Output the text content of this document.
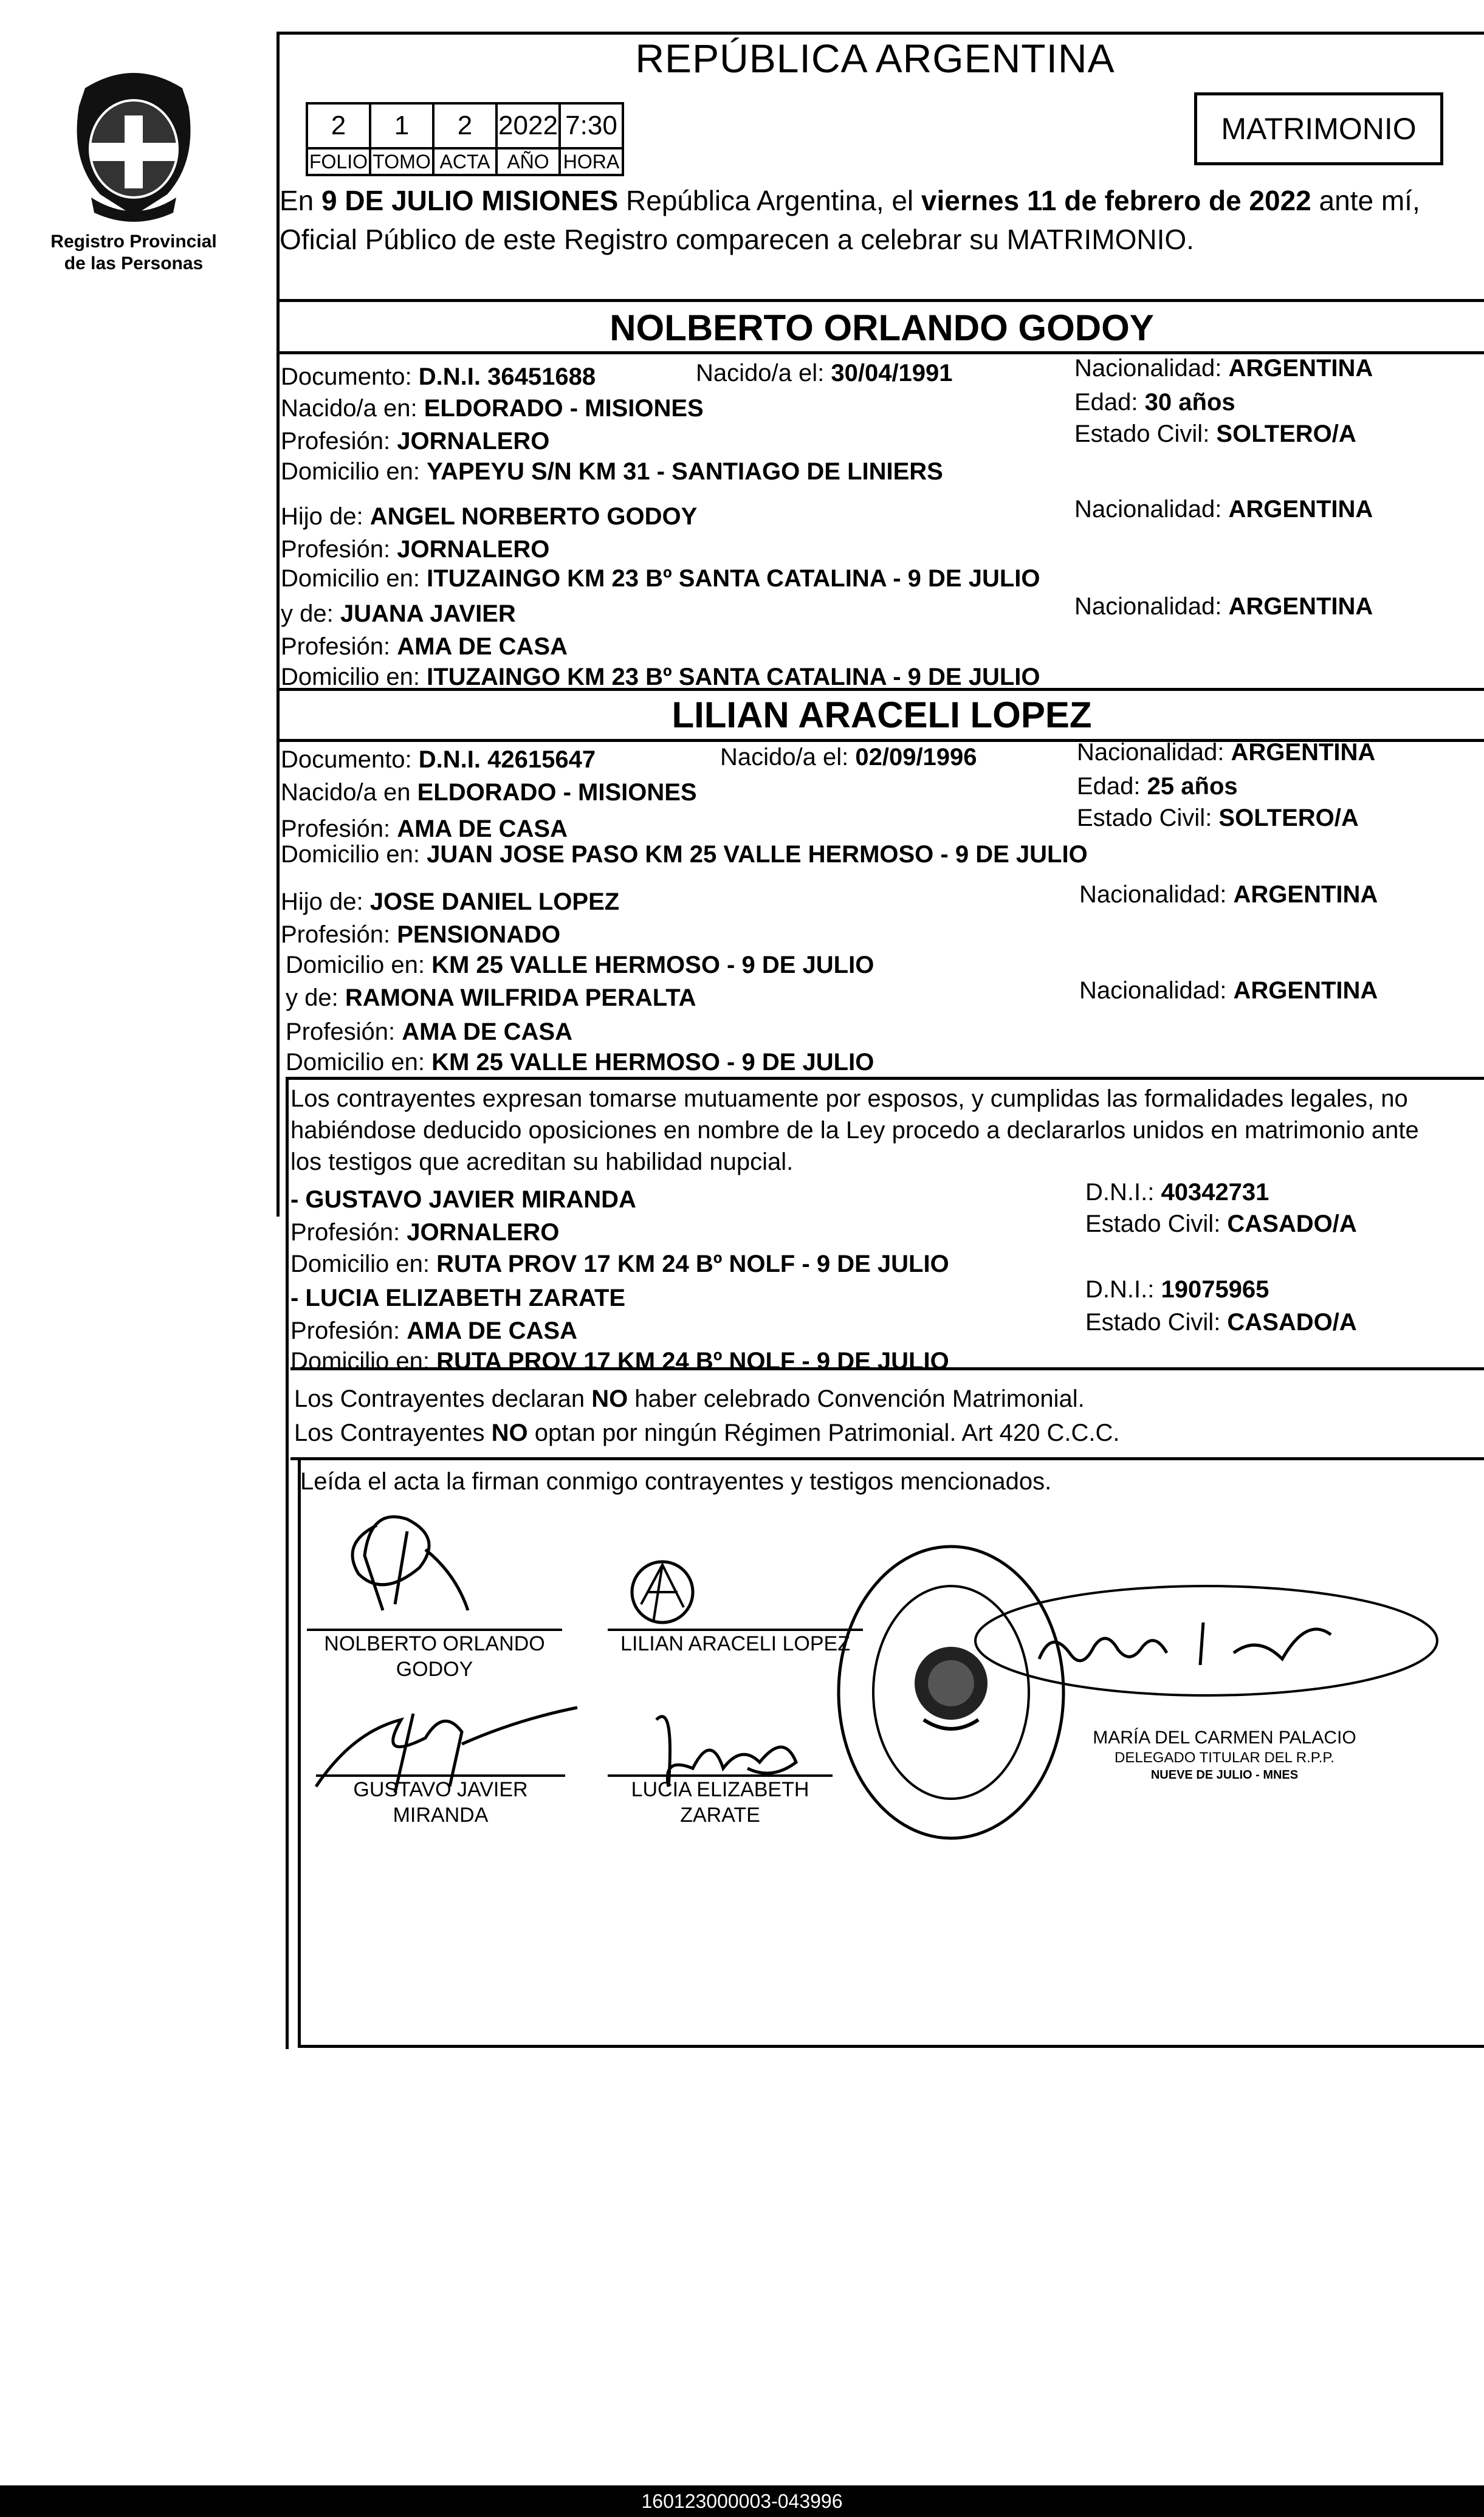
Registro Provincial
de las Personas
REPÚBLICA ARGENTINA
2	1	2	2022	7:30
FOLIO	TOMO	ACTA	AÑO	HORA
MATRIMONIO
En 9 DE JULIO MISIONES República Argentina, el viernes 11 de febrero de 2022 ante mí,
Oficial Público de este Registro comparecen a celebrar su MATRIMONIO.
NOLBERTO ORLANDO GODOY
Documento: D.N.I. 36451688	Nacido/a el: 30/04/1991	Nacionalidad: ARGENTINA
Nacido/a en: ELDORADO - MISIONES	Edad: 30 años
Profesión: JORNALERO	Estado Civil: SOLTERO/A
Domicilio en: YAPEYU S/N KM 31 - SANTIAGO DE LINIERS
Hijo de: ANGEL NORBERTO GODOY	Nacionalidad: ARGENTINA
Profesión: JORNALERO
Domicilio en: ITUZAINGO KM 23 Bº SANTA CATALINA - 9 DE JULIO
y de: JUANA JAVIER	Nacionalidad: ARGENTINA
Profesión: AMA DE CASA
Domicilio en: ITUZAINGO KM 23 Bº SANTA CATALINA - 9 DE JULIO
LILIAN ARACELI LOPEZ
Documento: D.N.I. 42615647	Nacido/a el: 02/09/1996	Nacionalidad: ARGENTINA
Nacido/a en ELDORADO - MISIONES	Edad: 25 años
Profesión: AMA DE CASA	Estado Civil: SOLTERO/A
Domicilio en: JUAN JOSE PASO KM 25 VALLE HERMOSO - 9 DE JULIO
Hijo de: JOSE DANIEL LOPEZ	Nacionalidad: ARGENTINA
Profesión: PENSIONADO
Domicilio en: KM 25 VALLE HERMOSO - 9 DE JULIO
y de: RAMONA WILFRIDA PERALTA	Nacionalidad: ARGENTINA
Profesión: AMA DE CASA
Domicilio en: KM 25 VALLE HERMOSO - 9 DE JULIO
Los contrayentes expresan tomarse mutuamente por esposos, y cumplidas las formalidades legales, no
habiéndose deducido oposiciones en nombre de la Ley procedo a declararlos unidos en matrimonio ante
los testigos que acreditan su habilidad nupcial.
- GUSTAVO JAVIER MIRANDA	D.N.I.: 40342731
Profesión: JORNALERO	Estado Civil: CASADO/A
Domicilio en: RUTA PROV 17 KM 24 Bº NOLF - 9 DE JULIO
- LUCIA ELIZABETH ZARATE	D.N.I.: 19075965
Profesión: AMA DE CASA	Estado Civil: CASADO/A
Domicilio en: RUTA PROV 17 KM 24 Bº NOLF - 9 DE JULIO
Los Contrayentes declaran NO haber celebrado Convención Matrimonial.
Los Contrayentes NO optan por ningún Régimen Patrimonial. Art 420 C.C.C.
Leída el acta la firman conmigo contrayentes y testigos mencionados.
NOLBERTO ORLANDO
GODOY
LILIAN ARACELI LOPEZ
GUSTAVO JAVIER
MIRANDA
LUCIA ELIZABETH
ZARATE
MARÍA DEL CARMEN PALACIO
DELEGADO TITULAR DEL R.P.P.
NUEVE DE JULIO - MNES
160123000003-043996
